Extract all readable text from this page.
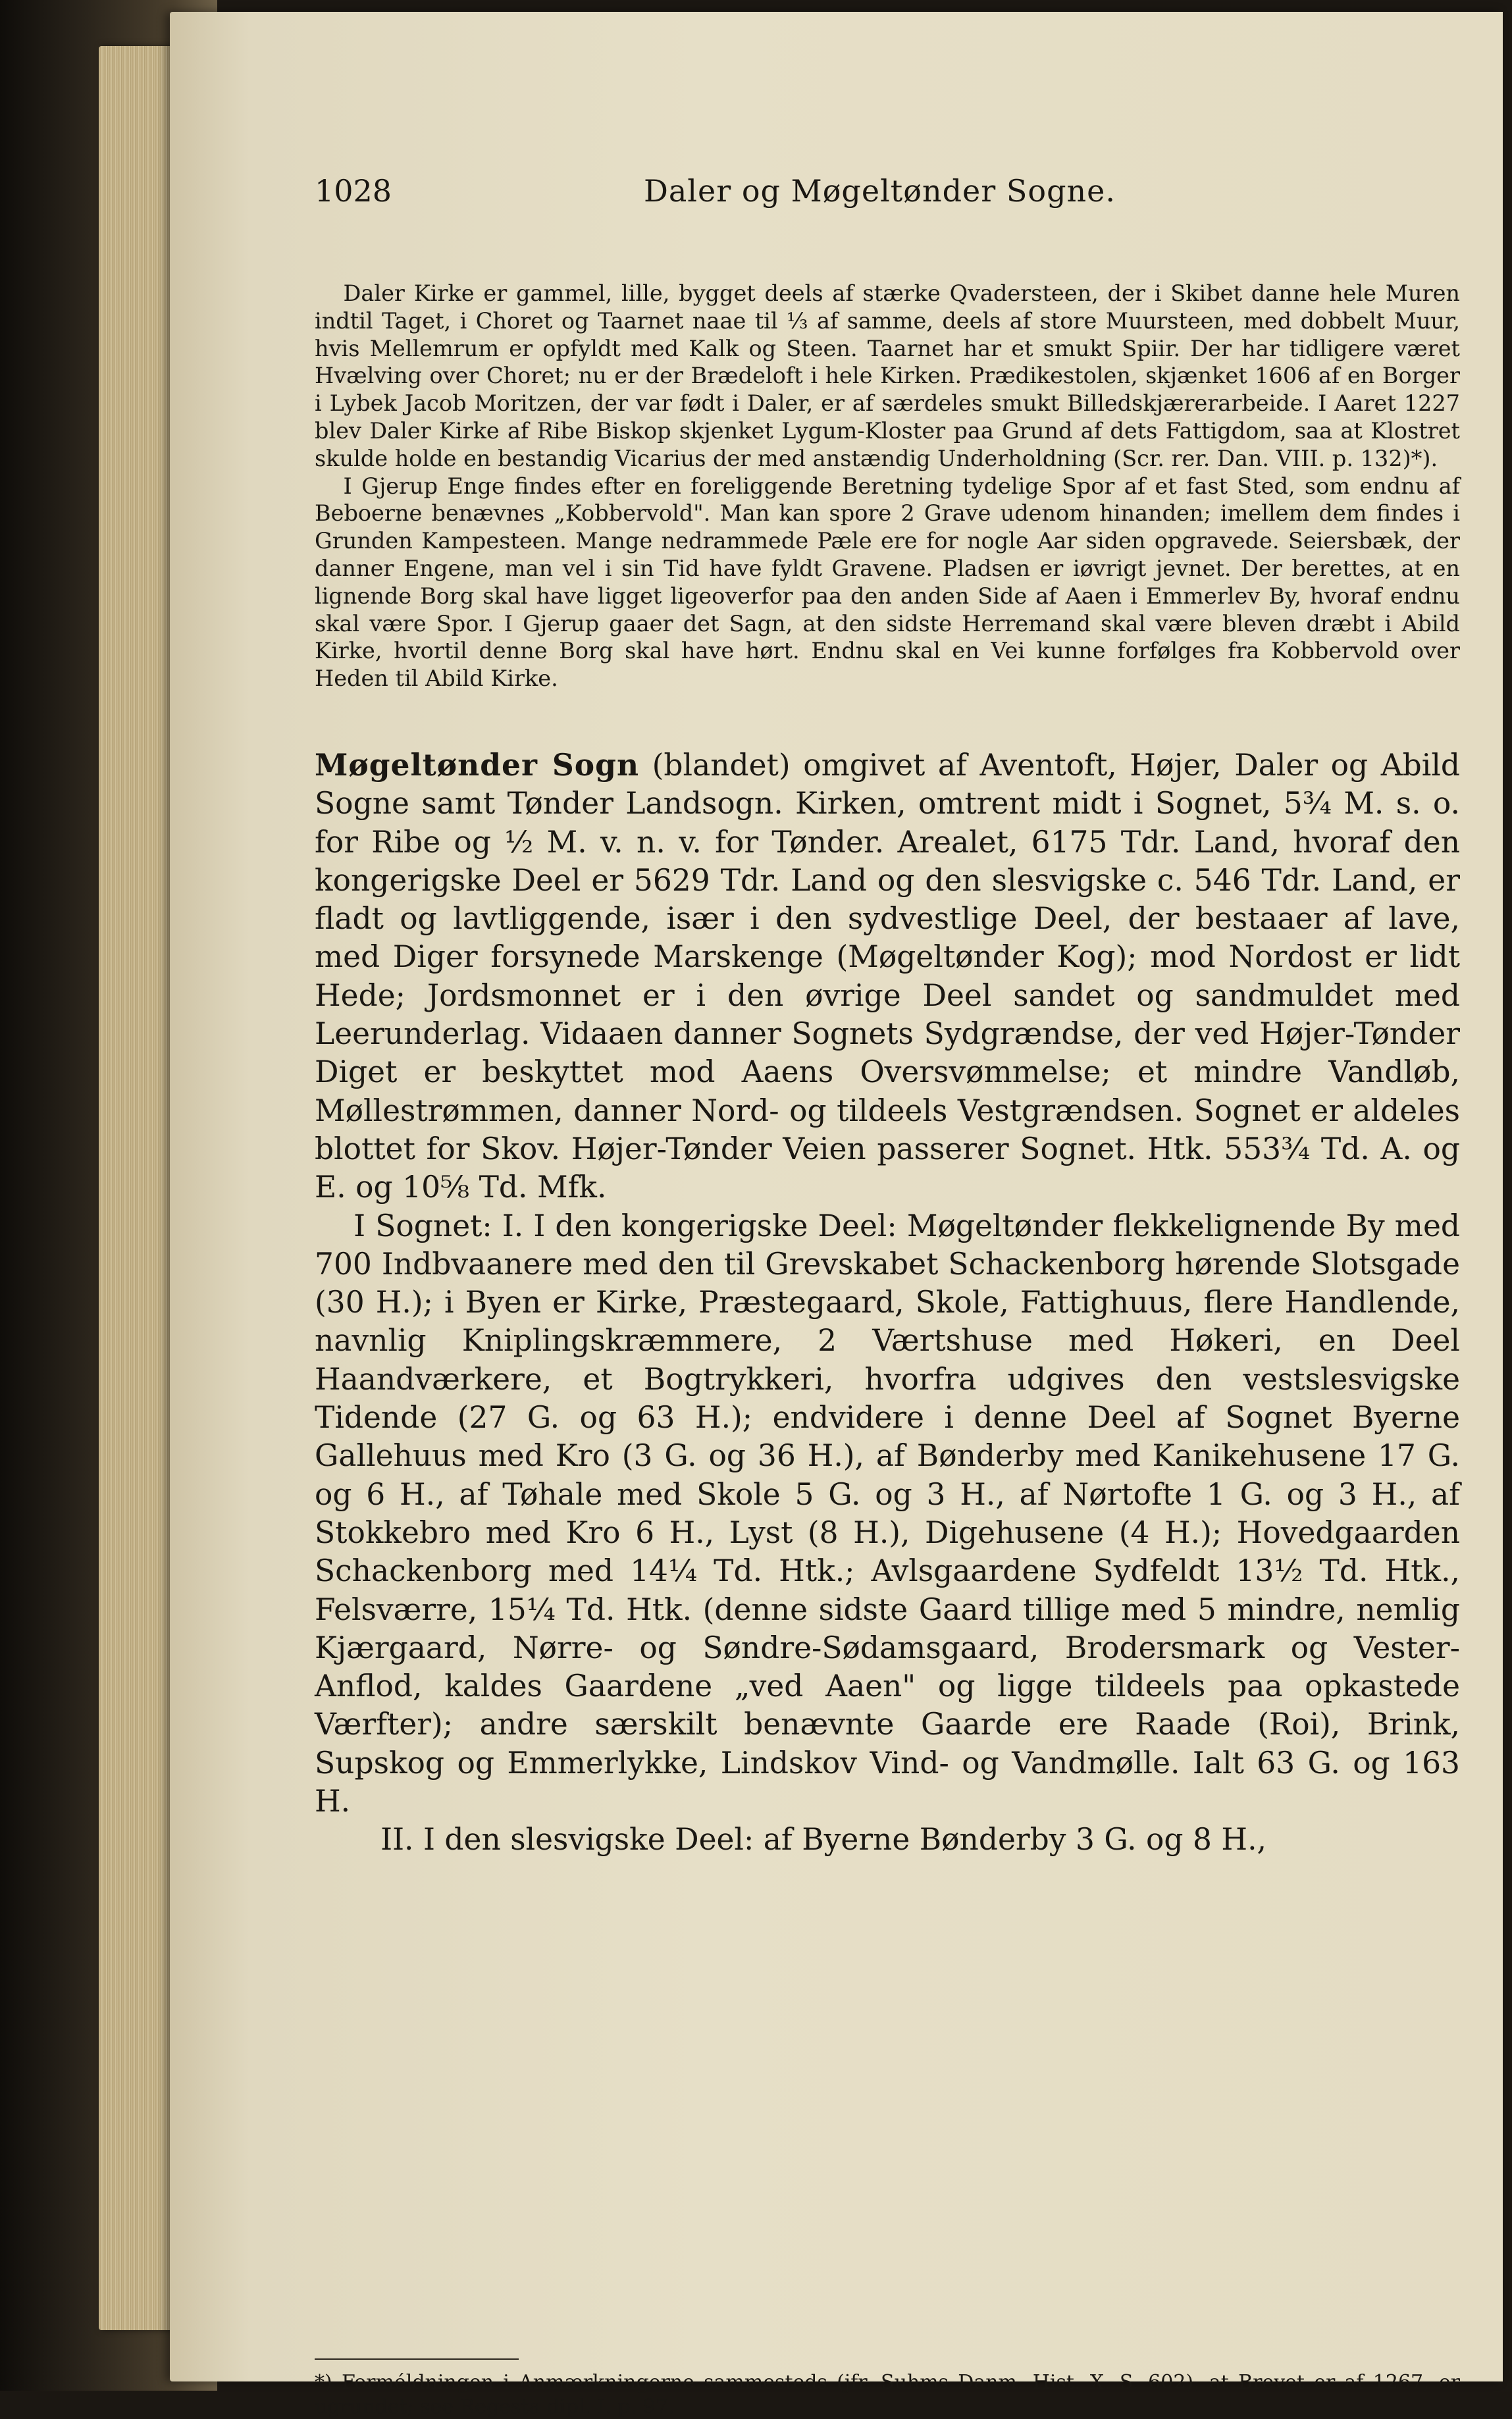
1028	Daler og Møgeltønder Sogne.

Daler Kirke er gammel, lille, bygget deels af stærke Qvadersteen, der i Skibet danne hele Muren indtil Taget, i Choret og Taarnet naae til ⅓ af samme, deels af store Muursteen, med dobbelt Muur, hvis Mellemrum er opfyldt med Kalk og Steen. Taarnet har et smukt Spiir. Der har tidligere været Hvælving over Choret; nu er der Brædeloft i hele Kirken. Prædikestolen, skjænket 1606 af en Borger i Lybek Jacob Moritzen, der var født i Daler, er af særdeles smukt Billedskjærerarbeide. I Aaret 1227 blev Daler Kirke af Ribe Biskop skjenket Lygum-Kloster paa Grund af dets Fattigdom, saa at Klostret skulde holde en bestandig Vicarius der med anstændig Underholdning (Scr. rer. Dan. VIII. p. 132)*).

I Gjerup Enge findes efter en foreliggende Beretning tydelige Spor af et fast Sted, som endnu af Beboerne benævnes „Kobbervold". Man kan spore 2 Grave udenom hinanden; imellem dem findes i Grunden Kampesteen. Mange nedrammede Pæle ere for nogle Aar siden opgravede. Seiersbæk, der danner Engene, man vel i sin Tid have fyldt Gravene. Pladsen er iøvrigt jevnet. Der berettes, at en lignende Borg skal have ligget ligeoverfor paa den anden Side af Aaen i Emmerlev By, hvoraf endnu skal være Spor. I Gjerup gaaer det Sagn, at den sidste Herremand skal være bleven dræbt i Abild Kirke, hvortil denne Borg skal have hørt. Endnu skal en Vei kunne forfølges fra Kobbervold over Heden til Abild Kirke.

Møgeltønder Sogn (blandet) omgivet af Aventoft, Højer, Daler og Abild Sogne samt Tønder Landsogn. Kirken, omtrent midt i Sognet, 5¾ M. s. o. for Ribe og ½ M. v. n. v. for Tønder. Arealet, 6175 Tdr. Land, hvoraf den kongerigske Deel er 5629 Tdr. Land og den slesvigske c. 546 Tdr. Land, er fladt og lavtliggende, især i den sydvestlige Deel, der bestaaer af lave, med Diger forsynede Marskenge (Møgeltønder Kog); mod Nordost er lidt Hede; Jordsmonnet er i den øvrige Deel sandet og sandmuldet med Leerunderlag. Vidaaen danner Sognets Sydgrændse, der ved Højer-Tønder Diget er beskyttet mod Aaens Oversvømmelse; et mindre Vandløb, Møllestrømmen, danner Nord- og tildeels Vestgrændsen. Sognet er aldeles blottet for Skov. Højer-Tønder Veien passerer Sognet. Htk. 553¾ Td. A. og E. og 10⅝ Td. Mfk.

I Sognet: I. I den kongerigske Deel: Møgeltønder flekkelignende By med 700 Indbvaanere med den til Grevskabet Schackenborg hørende Slotsgade (30 H.); i Byen er Kirke, Præstegaard, Skole, Fattighuus, flere Handlende, navnlig Kniplingskræmmere, 2 Værtshuse med Høkeri, en Deel Haandværkere, et Bogtrykkeri, hvorfra udgives den vestslesvigske Tidende (27 G. og 63 H.); endvidere i denne Deel af Sognet Byerne Gallehuus med Kro (3 G. og 36 H.), af Bønderby med Kanikehusene 17 G. og 6 H., af Tøhale med Skole 5 G. og 3 H., af Nørtofte 1 G. og 3 H., af Stokkebro med Kro 6 H., Lyst (8 H.), Digehusene (4 H.); Hovedgaarden Schackenborg med 14¼ Td. Htk.; Avlsgaardene Sydfeldt 13½ Td. Htk., Felsværre, 15¼ Td. Htk. (denne sidste Gaard tillige med 5 mindre, nemlig Kjærgaard, Nørre- og Søndre-Sødamsgaard, Brodersmark og Vester-Anflod, kaldes Gaardene „ved Aaen" og ligge tildeels paa opkastede Værfter); andre særskilt benævnte Gaarde ere Raade (Roi), Brink, Supskog og Emmerlykke, Lindskov Vind- og Vandmølle. Ialt 63 G. og 163 H.

II. I den slesvigske Deel: af Byerne Bønderby 3 G. og 8 H.,

*) Forméldningen i Anmærkningerne sammesteds (jfr. Suhms Danm. Hist. X. S. 602), at Brevet er af 1267, er ugrundet; see Regesta dipl. I. p. 97.
